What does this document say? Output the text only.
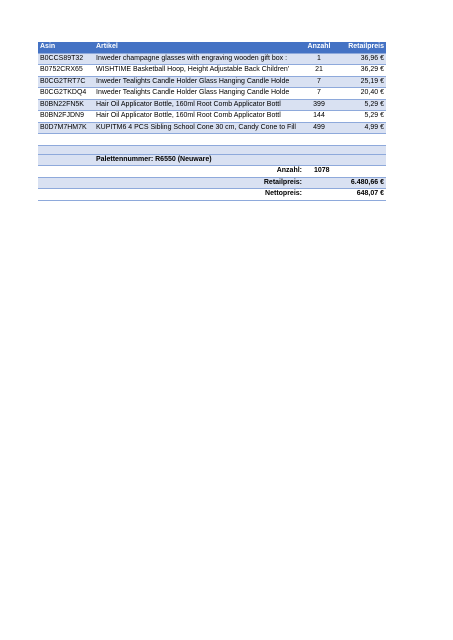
Asin	Artikel	Anzahl	Retailpreis
B0CCS89T32	Inweder champagne glasses with engraving wooden gift box :	1	36,96 €
B0752CRX65	WISHTIME Basketball Hoop, Height Adjustable Back Children'	21	36,29 €
B0CG2TRT7C	Inweder Tealights Candle Holder Glass Hanging Candle Holde	7	25,19 €
B0CG2TKDQ4	Inweder Tealights Candle Holder Glass Hanging Candle Holde	7	20,40 €
B0BN22FN5K	Hair Oil Applicator Bottle, 160ml Root Comb Applicator Bottl	399	5,29 €
B0BN2FJDN9	Hair Oil Applicator Bottle, 160ml Root Comb Applicator Bottl	144	5,29 €
B0D7M7HM7K	KUPITM6 4 PCS Sibling School Cone 30 cm, Candy Cone to Fill	499	4,99 €

	Palettennummer: R6550 (Neuware)		
	Anzahl:	1078	
	Retailpreis:		6.480,66 €
	Nettopreis:		648,07 €
